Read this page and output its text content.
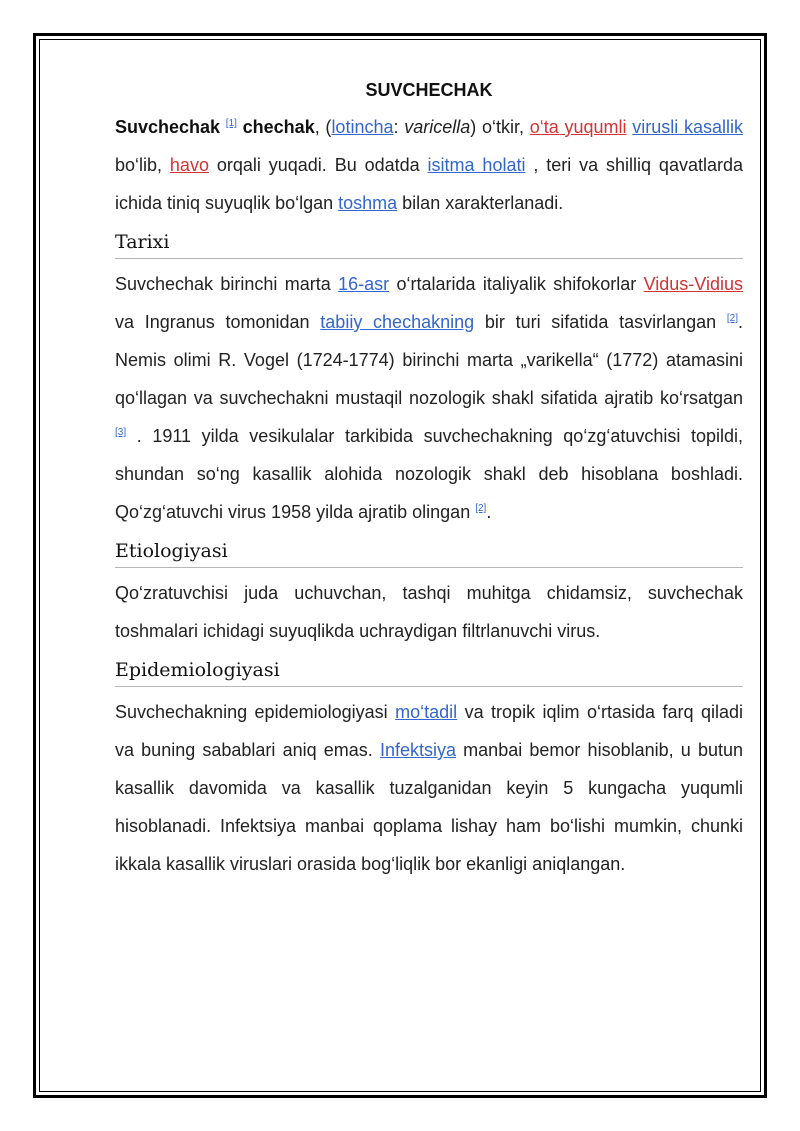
SUVCHECHAK

Suvchechak [1] chechak, (lotincha: varicella) o‘tkir, o‘ta yuqumli virusli kasallik bo‘lib, havo orqali yuqadi. Bu odatda isitma holati , teri va shilliq qavatlarda ichida tiniq suyuqlik bo‘lgan toshma bilan xarakterlanadi.

Tarixi

Suvchechak birinchi marta 16-asr o‘rtalarida italiyalik shifokorlar Vidus-Vidius va Ingranus tomonidan tabiiy chechakning bir turi sifatida tasvirlangan [2]. Nemis olimi R. Vogel (1724-1774) birinchi marta „varikella“ (1772) atamasini qo‘llagan va suvchechakni mustaqil nozologik shakl sifatida ajratib ko‘rsatgan [3] . 1911 yilda vesikulalar tarkibida suvchechakning qo‘zg‘atuvchisi topildi, shundan so‘ng kasallik alohida nozologik shakl deb hisoblana boshladi. Qo‘zg‘atuvchi virus 1958 yilda ajratib olingan [2].

Etiologiyasi

Qo‘zratuvchisi juda uchuvchan, tashqi muhitga chidamsiz, suvchechak toshmalari ichidagi suyuqlikda uchraydigan filtrlanuvchi virus.

Epidemiologiyasi

Suvchechakning epidemiologiyasi mo‘tadil va tropik iqlim o‘rtasida farq qiladi va buning sabablari aniq emas. Infektsiya manbai bemor hisoblanib, u butun kasallik davomida va kasallik tuzalganidan keyin 5 kungacha yuqumli hisoblanadi. Infektsiya manbai qoplama lishay ham bo‘lishi mumkin, chunki ikkala kasallik viruslari orasida bog‘liqlik bor ekanligi aniqlangan.
